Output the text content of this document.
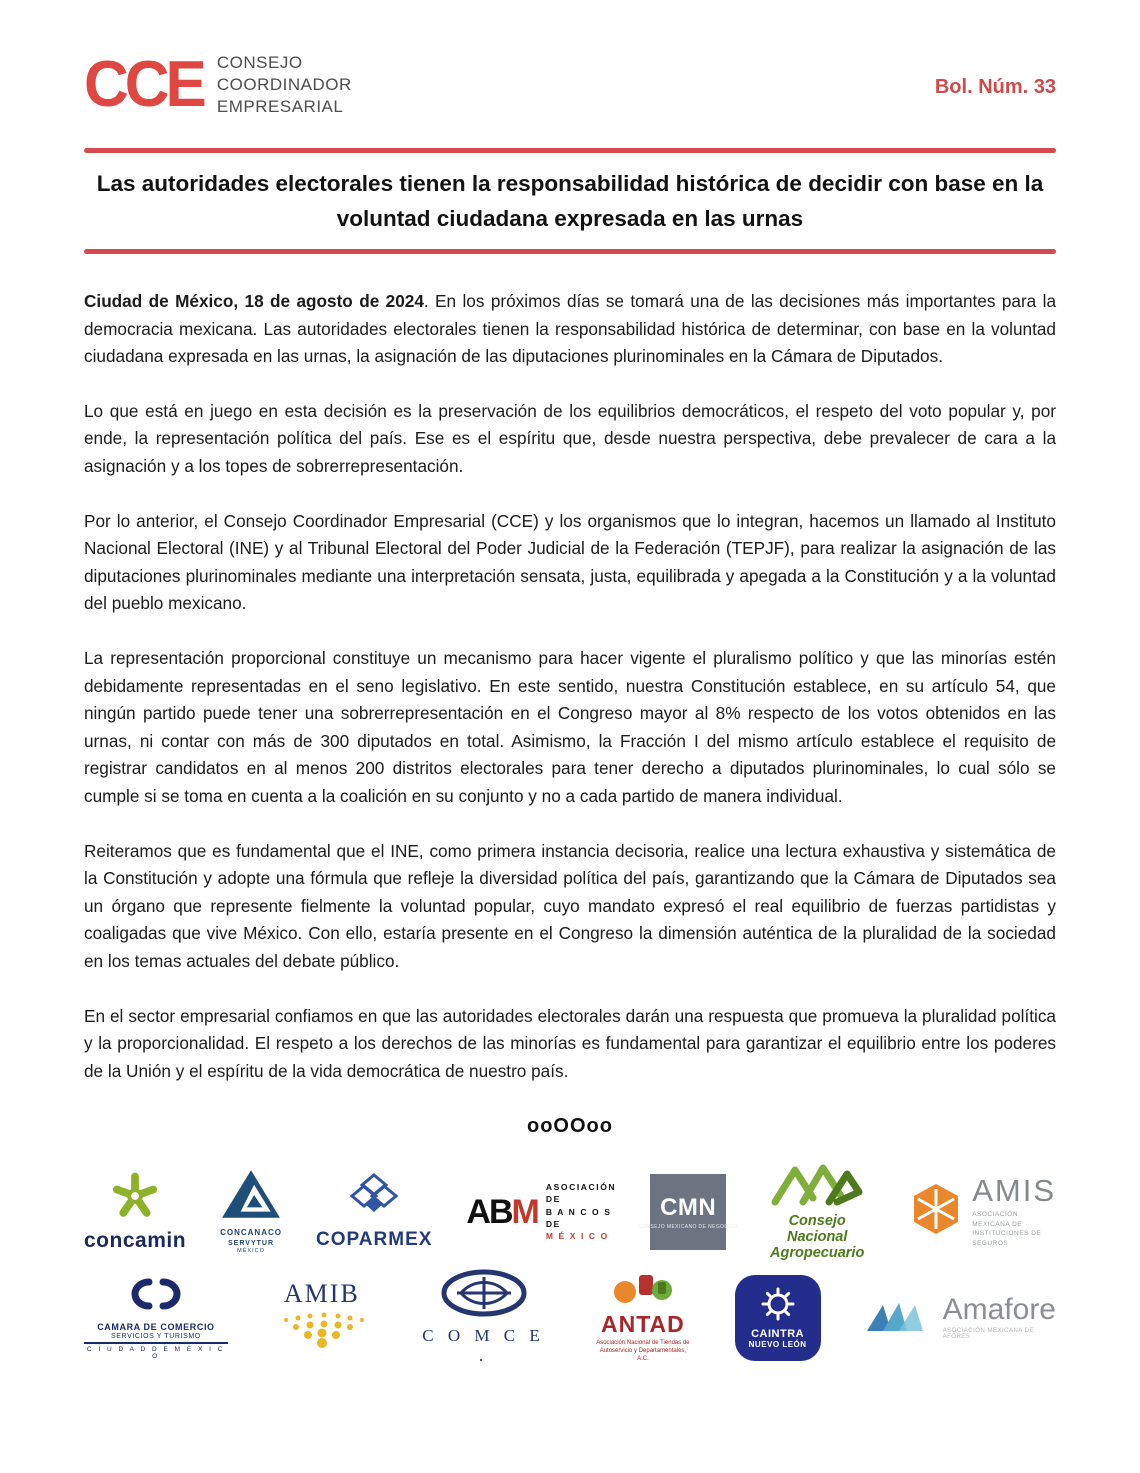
CCE CONSEJO
COORDINADOR
EMPRESARIAL
Bol. Núm. 33
Las autoridades electorales tienen la responsabilidad histórica de decidir con base en la voluntad ciudadana expresada en las urnas

Ciudad de México, 18 de agosto de 2024. En los próximos días se tomará una de las decisiones más importantes para la democracia mexicana. Las autoridades electorales tienen la responsabilidad histórica de determinar, con base en la voluntad ciudadana expresada en las urnas, la asignación de las diputaciones plurinominales en la Cámara de Diputados.

Lo que está en juego en esta decisión es la preservación de los equilibrios democráticos, el respeto del voto popular y, por ende, la representación política del país. Ese es el espíritu que, desde nuestra perspectiva, debe prevalecer de cara a la asignación y a los topes de sobrerrepresentación.

Por lo anterior, el Consejo Coordinador Empresarial (CCE) y los organismos que lo integran, hacemos un llamado al Instituto Nacional Electoral (INE) y al Tribunal Electoral del Poder Judicial de la Federación (TEPJF), para realizar la asignación de las diputaciones plurinominales mediante una interpretación sensata, justa, equilibrada y apegada a la Constitución y a la voluntad del pueblo mexicano.

La representación proporcional constituye un mecanismo para hacer vigente el pluralismo político y que las minorías estén debidamente representadas en el seno legislativo. En este sentido, nuestra Constitución establece, en su artículo 54, que ningún partido puede tener una sobrerrepresentación en el Congreso mayor al 8% respecto de los votos obtenidos en las urnas, ni contar con más de 300 diputados en total. Asimismo, la Fracción I del mismo artículo establece el requisito de registrar candidatos en al menos 200 distritos electorales para tener derecho a diputados plurinominales, lo cual sólo se cumple si se toma en cuenta a la coalición en su conjunto y no a cada partido de manera individual.

Reiteramos que es fundamental que el INE, como primera instancia decisoria, realice una lectura exhaustiva y sistemática de la Constitución y adopte una fórmula que refleje la diversidad política del país, garantizando que la Cámara de Diputados sea un órgano que represente fielmente la voluntad popular, cuyo mandato expresó el real equilibrio de fuerzas partidistas y coaligadas que vive México. Con ello, estaría presente en el Congreso la dimensión auténtica de la pluralidad de la sociedad en los temas actuales del debate público.

En el sector empresarial confiamos en que las autoridades electorales darán una respuesta que promueva la pluralidad política y la proporcionalidad. El respeto a los derechos de las minorías es fundamental para garantizar el equilibrio entre los poderes de la Unión y el espíritu de la vida democrática de nuestro país.

ooOOoo
concamin	CONCANACO
SERVYTUR
MÉXICO
COPARMEX
ABM
ASOCIACIÓN DE
B A N C O S DE
M É X I C O
CMN
CONSEJO MEXICANO DE NEGOCIOS	Consejo Nacional Agropecuario
AMIS
ASOCIACIÓN MEXICANA DE
INSTITUCIONES DE SEGUROS
CAMARA DE COMERCIO
SERVICIOS Y TURISMO
C I U D A D D E M E X I C O
AMIB
C O M C E .
ANTAD
Asociación Nacional de Tiendas de
Autoservicio y Departamentales, A.C.
CAINTRA
NUEVO LEÓN
Amafore
ASOCIACIÓN MEXICANA DE AFORES
